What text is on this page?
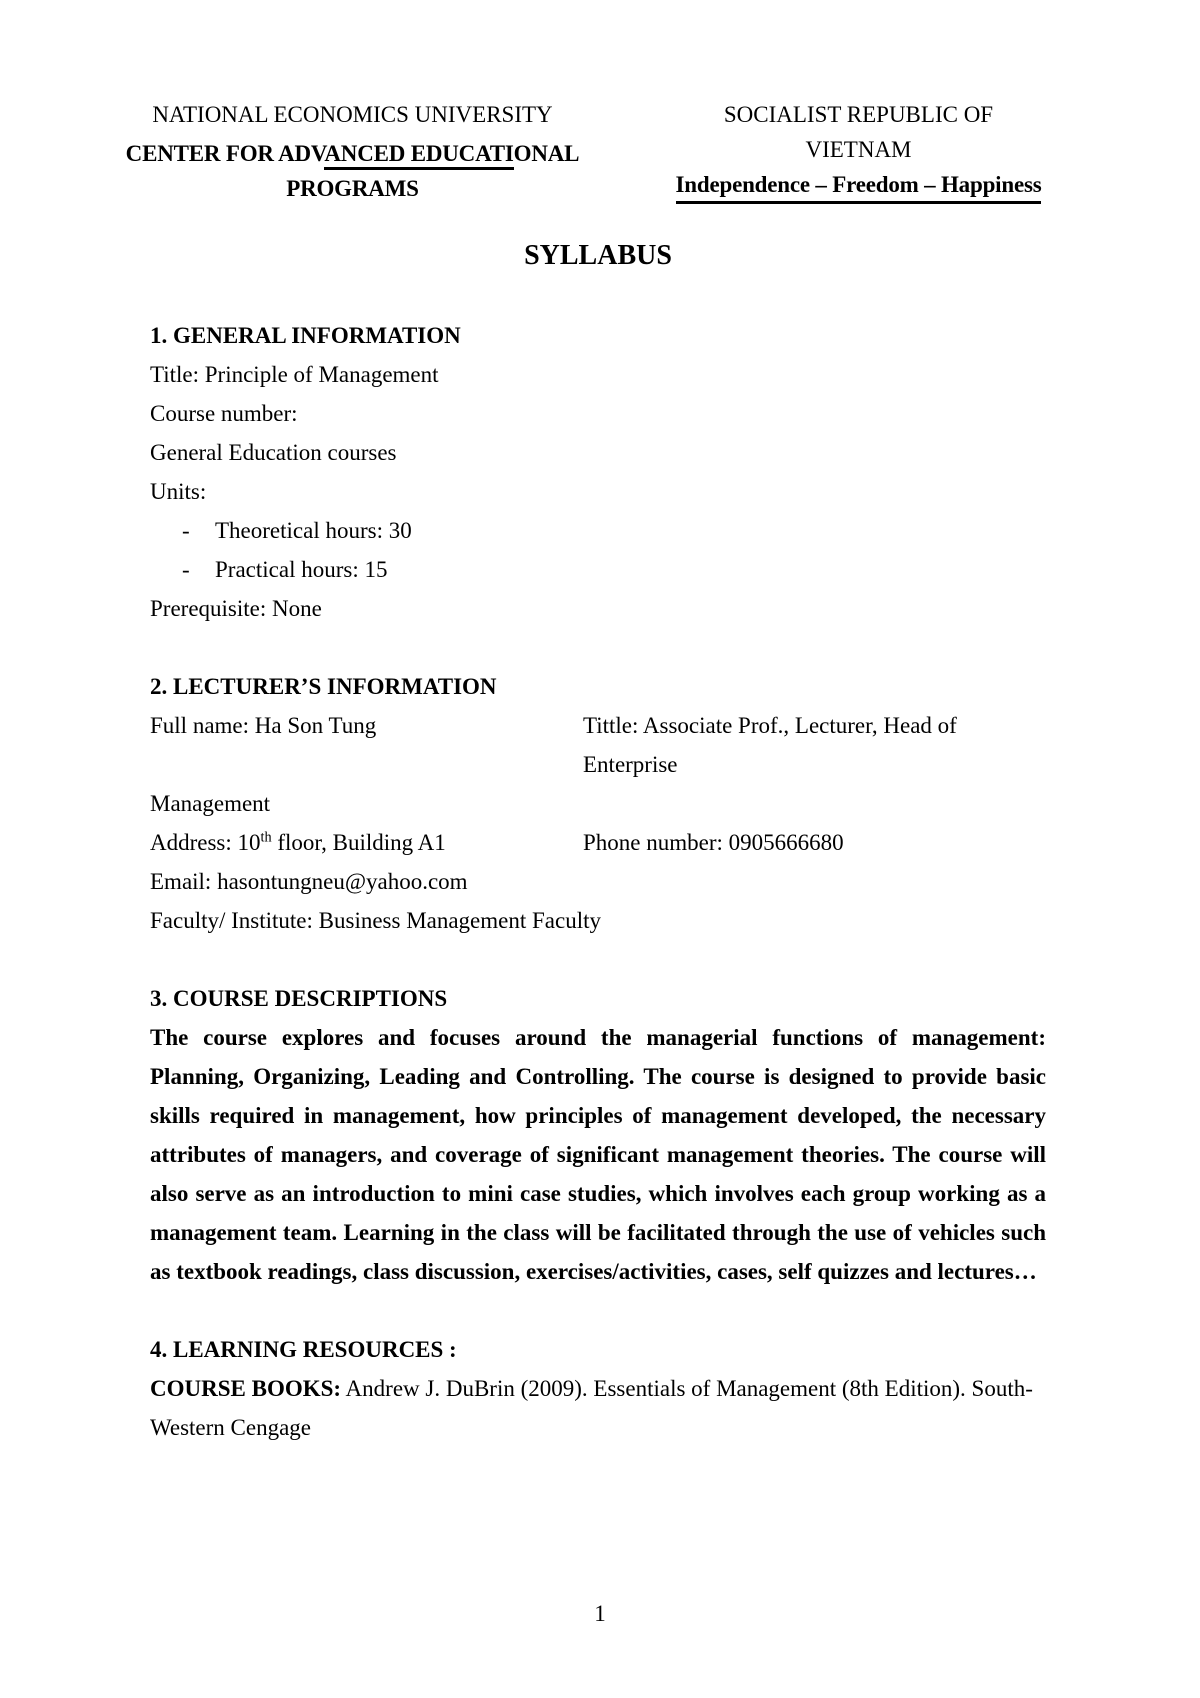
NATIONAL ECONOMICS UNIVERSITY
CENTER FOR ADVANCED EDUCATIONAL PROGRAMS
SOCIALIST REPUBLIC OF VIETNAM
Independence – Freedom – Happiness
SYLLABUS
1. GENERAL INFORMATION
Title: Principle of Management
Course number:
General Education courses
Units:
- Theoretical hours: 30
- Practical hours: 15
Prerequisite: None
2. LECTURER’S INFORMATION
Full name: Ha Son Tung	Tittle: Associate Prof., Lecturer, Head of Enterprise
Management
Address: 10th floor, Building A1	Phone number: 0905666680
Email: hasontungneu@yahoo.com
Faculty/ Institute: Business Management Faculty
3. COURSE DESCRIPTIONS
The course explores and focuses around the managerial functions of management: Planning, Organizing, Leading and Controlling. The course is designed to provide basic skills required in management, how principles of management developed, the necessary attributes of managers, and coverage of significant management theories. The course will also serve as an introduction to mini case studies, which involves each group working as a management team. Learning in the class will be facilitated through the use of vehicles such as textbook readings, class discussion, exercises/activities, cases, self quizzes and lectures…
4. LEARNING RESOURCES :
COURSE BOOKS: Andrew J. DuBrin (2009). Essentials of Management (8th Edition). South-Western Cengage
1
